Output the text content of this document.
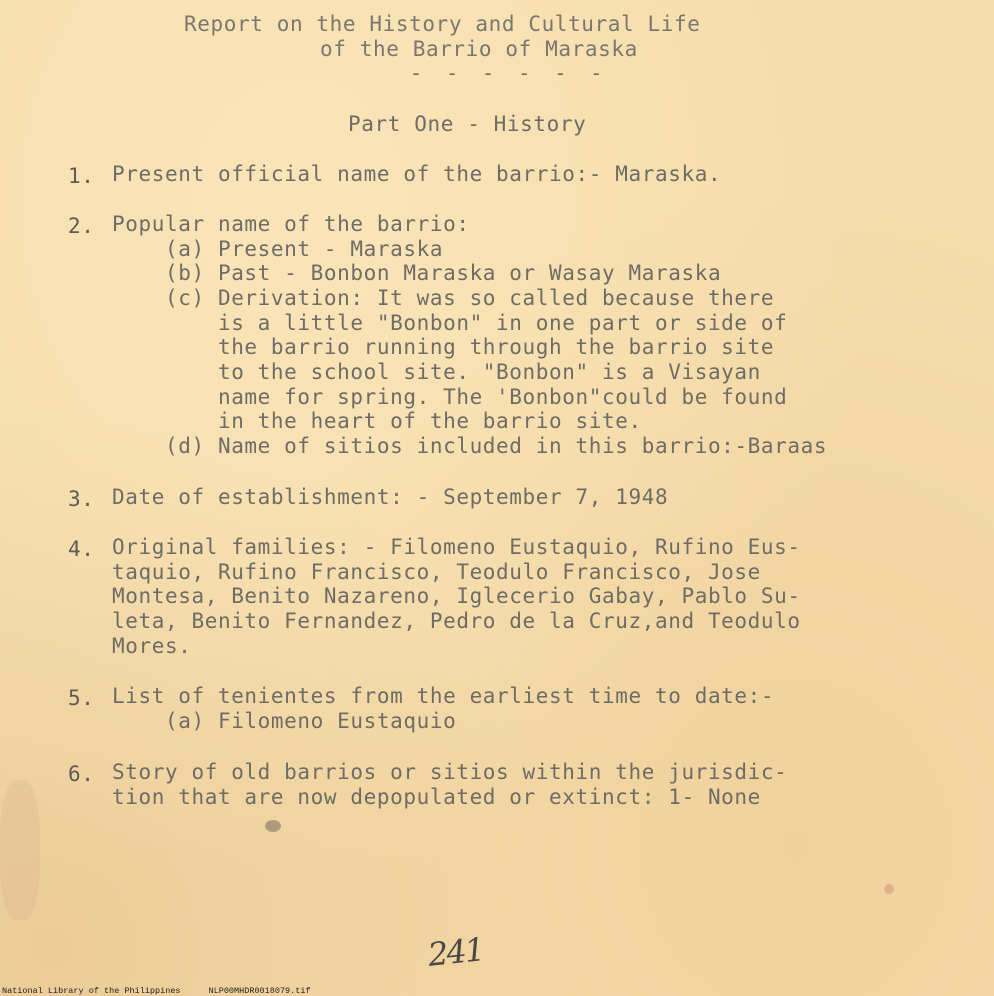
Report on the History and Cultural Life
of the Barrio of Maraska
- - - - - -
Part One - History
1. Present official name of the barrio:- Maraska.
2. Popular name of the barrio:
(a) Present - Maraska
(b) Past - Bonbon Maraska or Wasay Maraska
(c) Derivation: It was so called because there
is a little "Bonbon" in one part or side of
the barrio running through the barrio site
to the school site. "Bonbon" is a Visayan
name for spring. The 'Bonbon"could be found
in the heart of the barrio site.
(d) Name of sitios included in this barrio:-Baraas
3. Date of establishment: - September 7, 1948
4. Original families: - Filomeno Eustaquio, Rufino Eus-
taquio, Rufino Francisco, Teodulo Francisco, Jose
Montesa, Benito Nazareno, Iglecerio Gabay, Pablo Su-
leta, Benito Fernandez, Pedro de la Cruz,and Teodulo
Mores.
5. List of tenientes from the earliest time to date:-
(a) Filomeno Eustaquio
6. Story of old barrios or sitios within the jurisdic-
tion that are now depopulated or extinct: 1- None
241
National Library of the Philippines	NLP00MHDR0018079.tif
